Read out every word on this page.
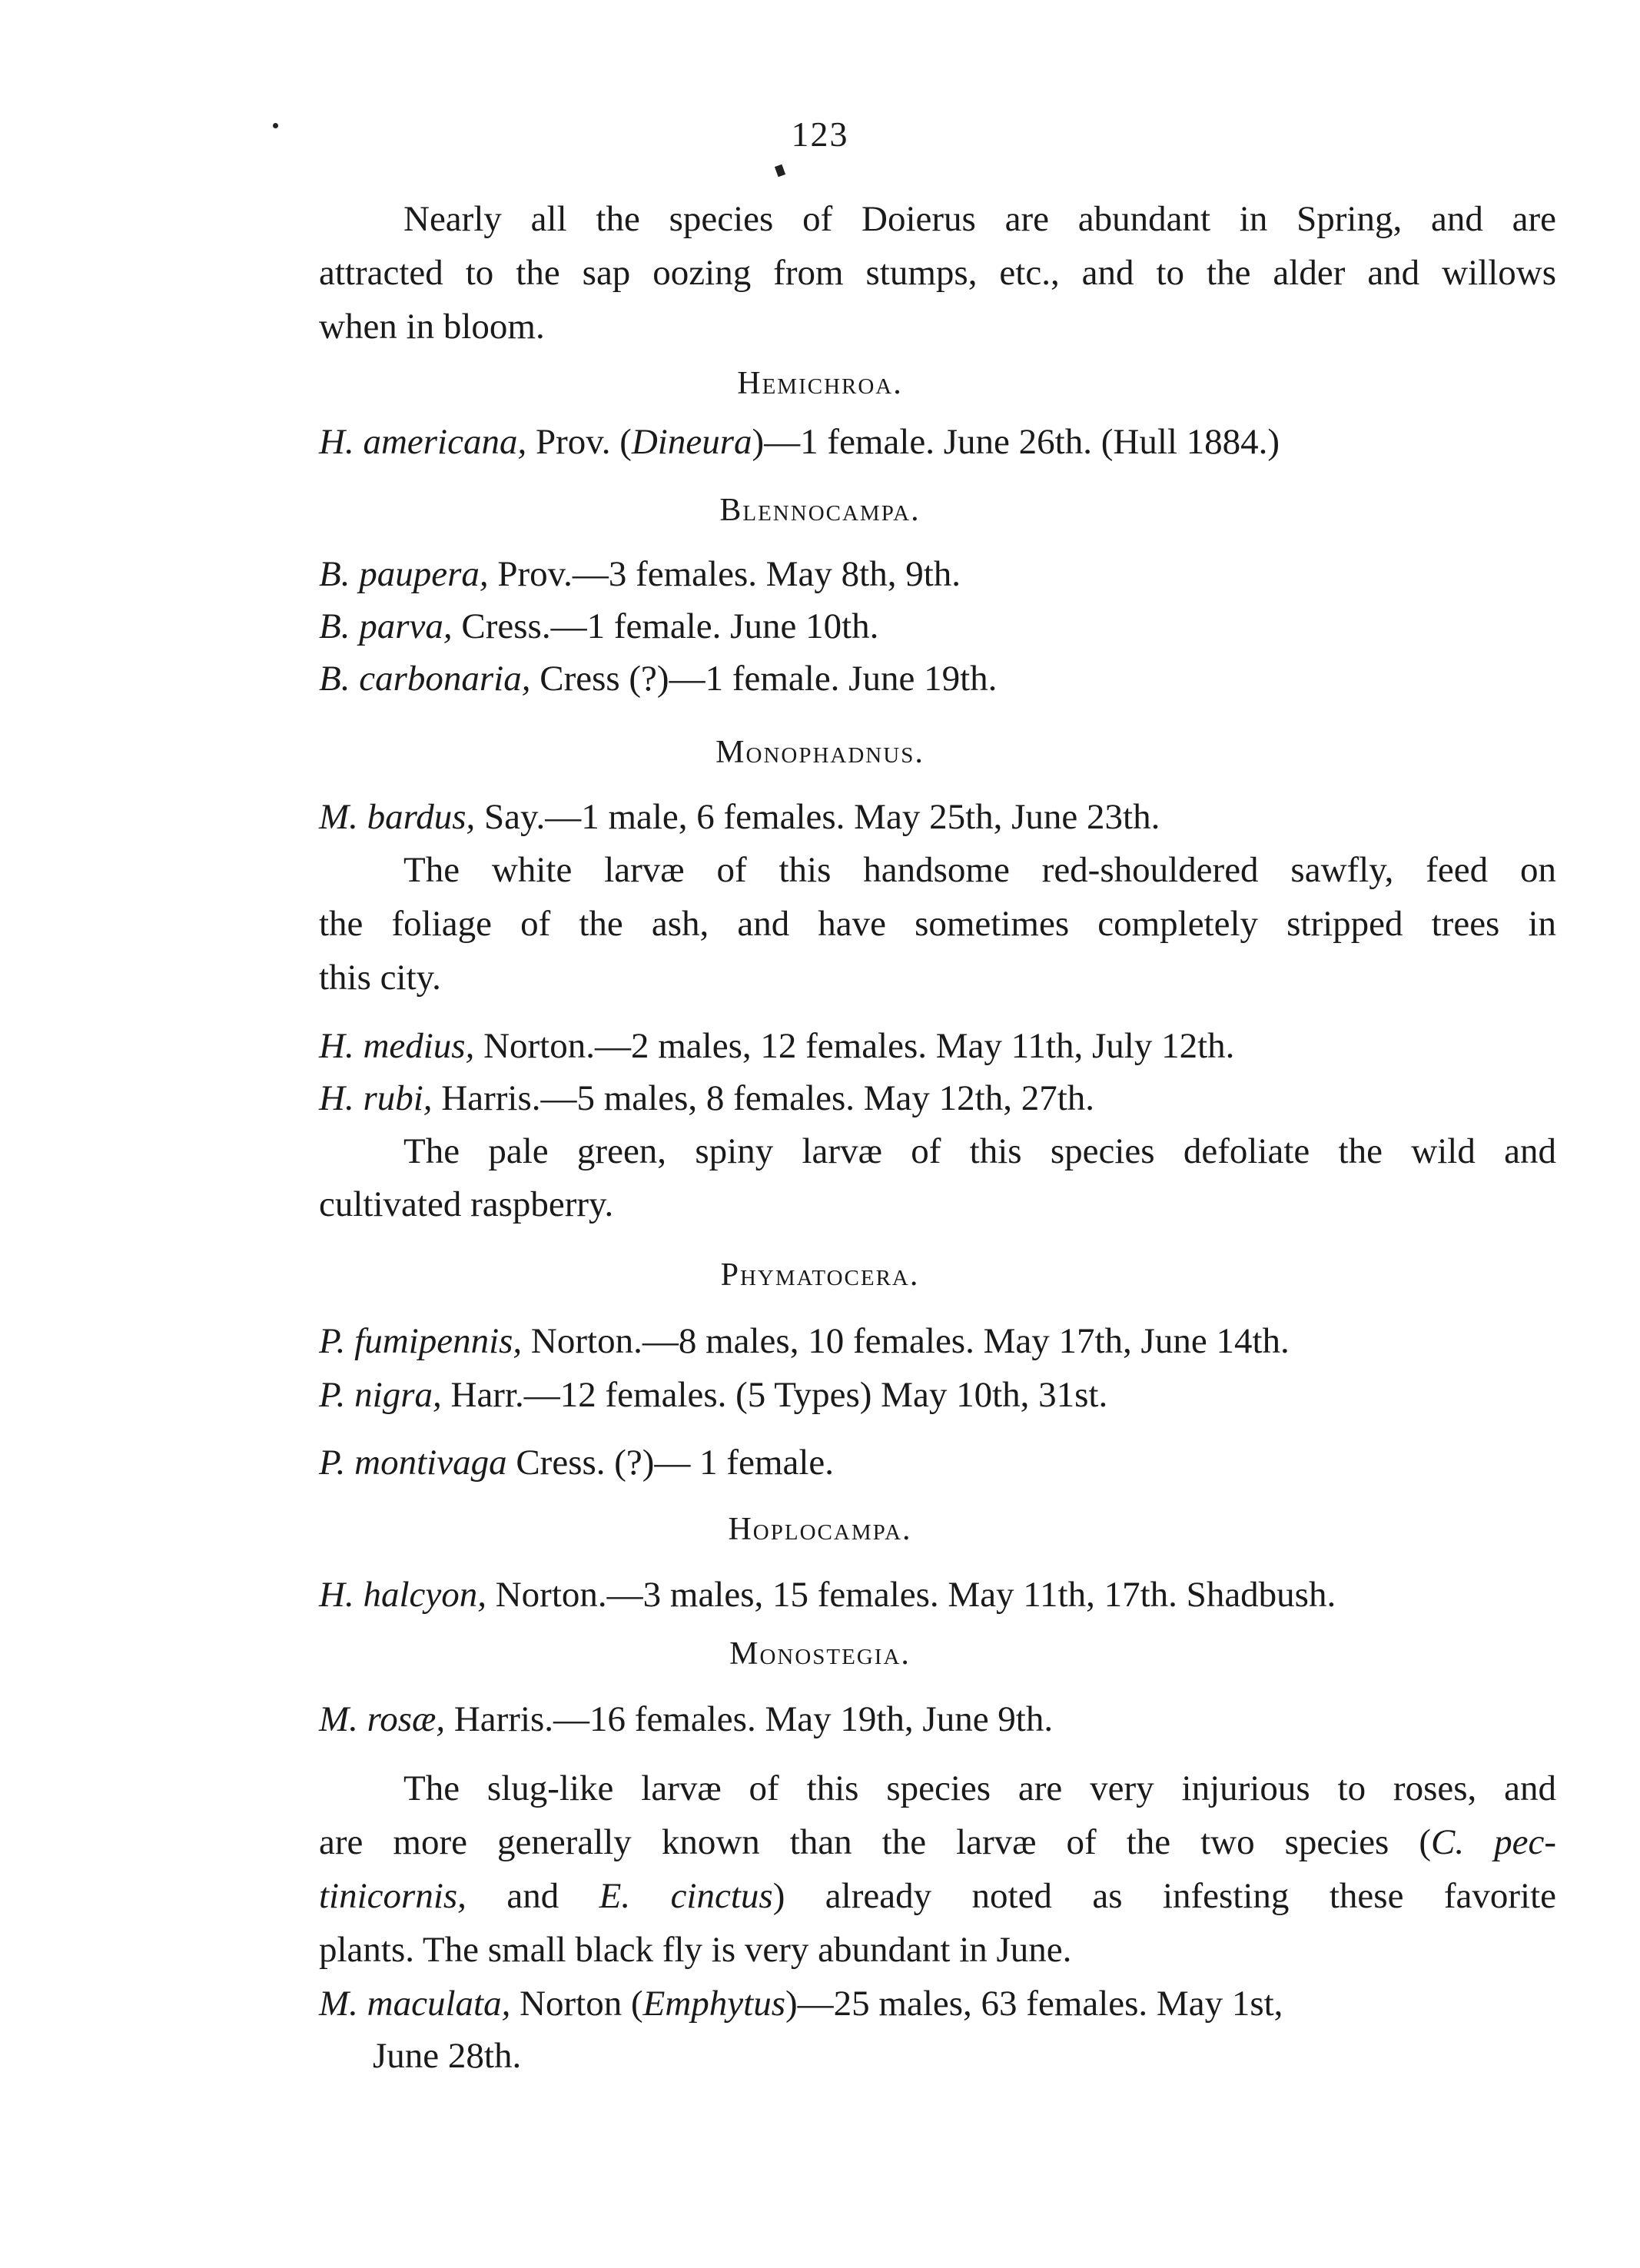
123
Nearly all the species of Doierus are abundant in Spring, and are
attracted to the sap oozing from stumps, etc., and to the alder and willows
when in bloom.
Hemichroa.
H. americana, Prov. (Dineura)—1 female. June 26th. (Hull 1884.)
Blennocampa.
B. paupera, Prov.—3 females. May 8th, 9th.
B. parva, Cress.—1 female. June 10th.
B. carbonaria, Cress (?)—1 female. June 19th.
Monophadnus.
M. bardus, Say.—1 male, 6 females. May 25th, June 23th.
The white larvæ of this handsome red-shouldered sawfly, feed on
the foliage of the ash, and have sometimes completely stripped trees in
this city.
H. medius, Norton.—2 males, 12 females. May 11th, July 12th.
H. rubi, Harris.—5 males, 8 females. May 12th, 27th.
The pale green, spiny larvæ of this species defoliate the wild and
cultivated raspberry.
Phymatocera.
P. fumipennis, Norton.—8 males, 10 females. May 17th, June 14th.
P. nigra, Harr.—12 females. (5 Types) May 10th, 31st.
P. montivaga Cress. (?)— 1 female.
Hoplocampa.
H. halcyon, Norton.—3 males, 15 females. May 11th, 17th. Shadbush.
Monostegia.
M. rosæ, Harris.—16 females. May 19th, June 9th.
The slug-like larvæ of this species are very injurious to roses, and
are more generally known than the larvæ of the two species (C. pec-
tinicornis, and E. cinctus) already noted as infesting these favorite
plants. The small black fly is very abundant in June.
M. maculata, Norton (Emphytus)—25 males, 63 females. May 1st,
June 28th.
